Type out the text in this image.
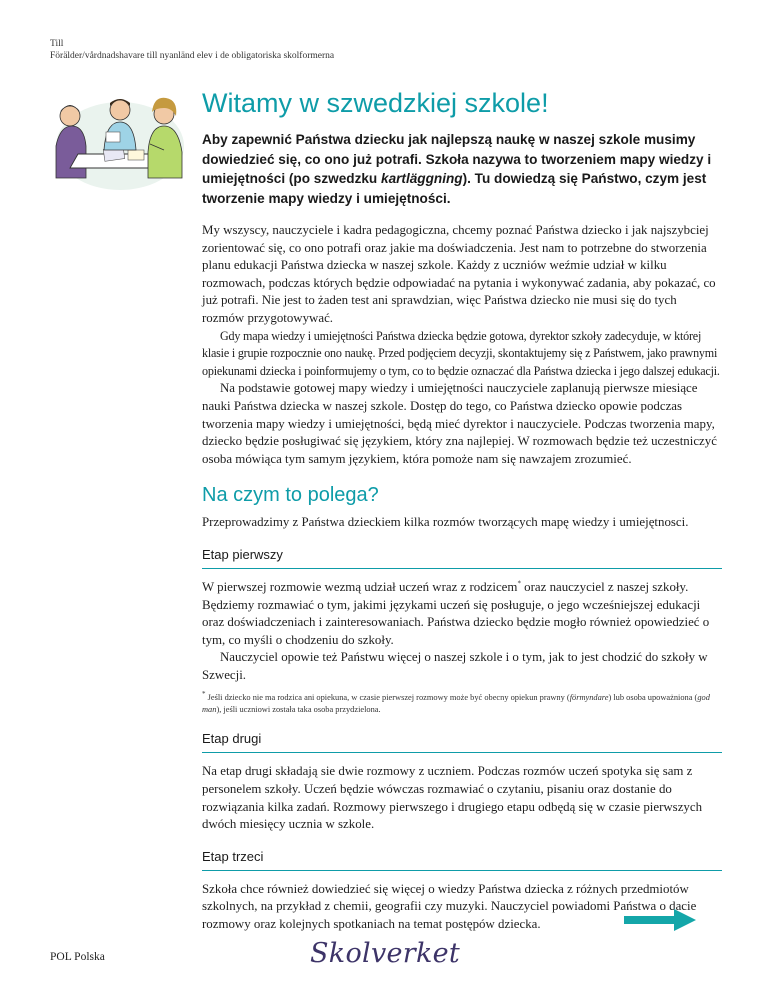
Till
Förälder/vårdnadshavare till nyanländ elev i de obligatoriska skolformerna
Witamy w szwedzkiej szkole!

Aby zapewnić Państwa dziecku jak najlepszą naukę w naszej szkole musimy dowiedzieć się, co ono już potrafi. Szkoła nazywa to tworzeniem mapy wiedzy i umiejętności (po szwedzku kartläggning). Tu dowiedzą się Państwo, czym jest tworzenie mapy wiedzy i umiejętności.

My wszyscy, nauczyciele i kadra pedagogiczna, chcemy poznać Państwa dziecko i jak najszybciej zorientować się, co ono potrafi oraz jakie ma doświadczenia. Jest nam to potrzebne do stworzenia planu edukacji Państwa dziecka w naszej szkole. Każdy z uczniów weźmie udział w kilku rozmowach, podczas których będzie odpowiadać na pytania i wykonywać zadania, aby pokazać, co już potrafi. Nie jest to żaden test ani sprawdzian, więc Państwa dziecko nie musi się do tych rozmów przygotowywać.

Gdy mapa wiedzy i umiejętności Państwa dziecka będzie gotowa, dyrektor szkoły zadecyduje, w której klasie i grupie rozpocznie ono naukę. Przed podjęciem decyzji, skontaktujemy się z Państwem, jako prawnymi opiekunami dziecka i poinformujemy o tym, co to będzie oznaczać dla Państwa dziecka i jego dalszej edukacji.

Na podstawie gotowej mapy wiedzy i umiejętności nauczyciele zaplanują pierwsze miesiące nauki Państwa dziecka w naszej szkole. Dostęp do tego, co Państwa dziecko opowie podczas tworzenia mapy wiedzy i umiejętności, będą mieć dyrektor i nauczyciele. Podczas tworzenia mapy, dziecko będzie posługiwać się językiem, który zna najlepiej. W rozmowach będzie też uczestniczyć osoba mówiąca tym samym językiem, która pomoże nam się nawzajem zrozumieć.

Na czym to polega?

Przeprowadzimy z Państwa dzieckiem kilka rozmów tworzących mapę wiedzy i umiejętnosci.

Etap pierwszy

W pierwszej rozmowie wezmą udział uczeń wraz z rodzicem* oraz nauczyciel z naszej szkoły. Będziemy rozmawiać o tym, jakimi językami uczeń się posługuje, o jego wcześniejszej edukacji oraz doświadczeniach i zainteresowaniach. Państwa dziecko będzie mogło również opowiedzieć o tym, co myśli o chodzeniu do szkoły.

Nauczyciel opowie też Państwu więcej o naszej szkole i o tym, jak to jest chodzić do szkoły w Szwecji.

* Jeśli dziecko nie ma rodzica ani opiekuna, w czasie pierwszej rozmowy może być obecny opiekun prawny (förmyndare) lub osoba upoważniona (god man), jeśli uczniowi została taka osoba przydzielona.
Etap drugi

Na etap drugi składają sie dwie rozmowy z uczniem. Podczas rozmów uczeń spotyka się sam z personelem szkoły. Uczeń będzie wówczas rozmawiać o czytaniu, pisaniu oraz dostanie do rozwiązania kilka zadań. Rozmowy pierwszego i drugiego etapu odbędą się w czasie pierwszych dwóch miesięcy ucznia w szkole.

Etap trzeci

Szkoła chce również dowiedzieć się więcej o wiedzy Państwa dziecka z różnych przedmiotów szkolnych, na przykład z chemii, geografii czy muzyki. Nauczyciel powiadomi Państwa o dacie rozmowy oraz kolejnych spotkaniach na temat postępów dziecka.

POL Polska	Skolverket
